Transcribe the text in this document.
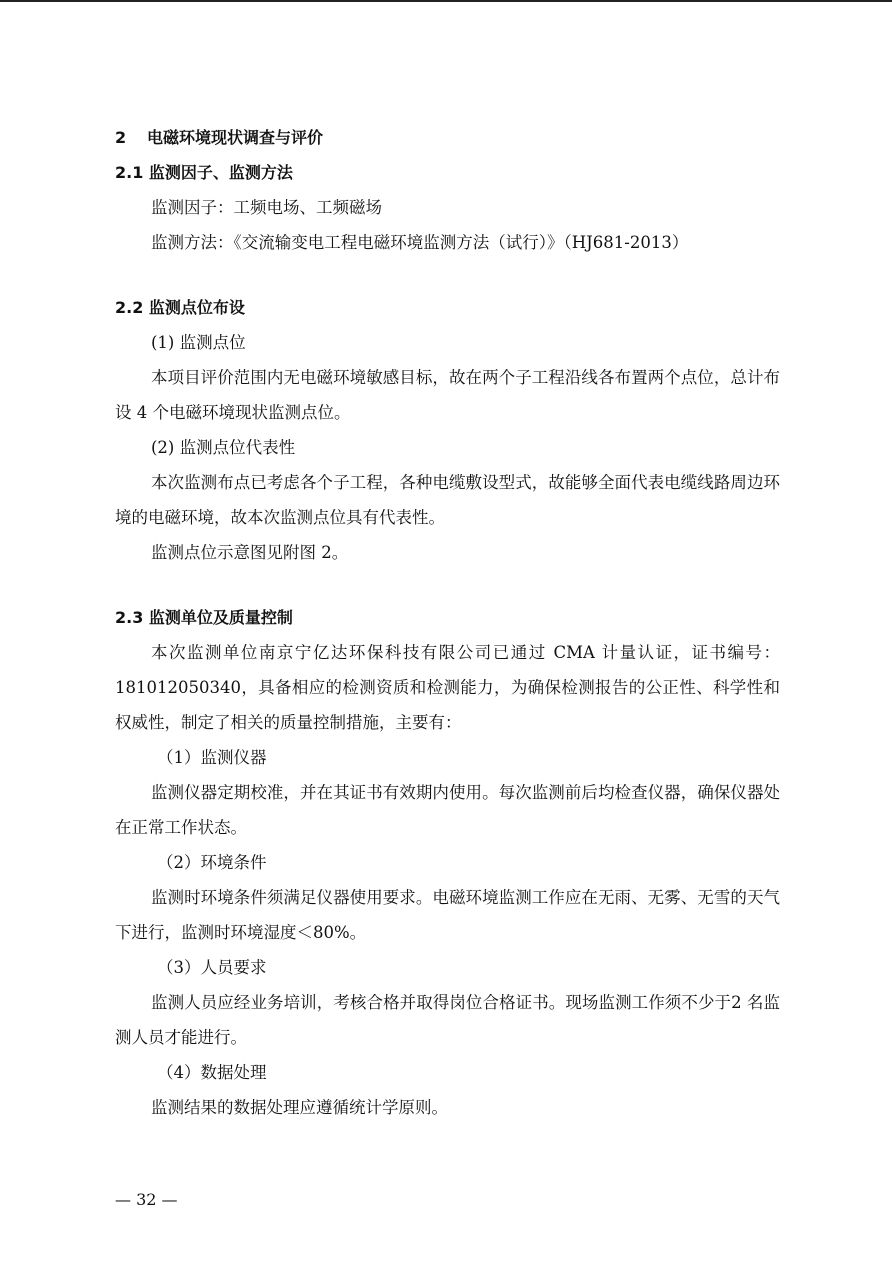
2 电磁环境现状调查与评价
2.1 监测因子、监测方法

监测因子：工频电场、工频磁场

监测方法：《交流输变电工程电磁环境监测方法（试行）》（HJ681-2013）

2.2 监测点位布设

(1) 监测点位

本项目评价范围内无电磁环境敏感目标，故在两个子工程沿线各布置两个点位，总计布设 4 个电磁环境现状监测点位。

(2) 监测点位代表性

本次监测布点已考虑各个子工程，各种电缆敷设型式，故能够全面代表电缆线路周边环境的电磁环境，故本次监测点位具有代表性。

监测点位示意图见附图 2。

2.3 监测单位及质量控制

本次监测单位南京宁亿达环保科技有限公司已通过 CMA 计量认证，证书编号：181012050340，具备相应的检测资质和检测能力，为确保检测报告的公正性、科学性和权威性，制定了相关的质量控制措施，主要有：

（1）监测仪器

监测仪器定期校准，并在其证书有效期内使用。每次监测前后均检查仪器，确保仪器处在正常工作状态。

（2）环境条件

监测时环境条件须满足仪器使用要求。电磁环境监测工作应在无雨、无雾、无雪的天气下进行，监测时环境湿度＜80%。

（3）人员要求

监测人员应经业务培训，考核合格并取得岗位合格证书。现场监测工作须不少于2 名监测人员才能进行。

（4）数据处理

监测结果的数据处理应遵循统计学原则。

— 32 —
